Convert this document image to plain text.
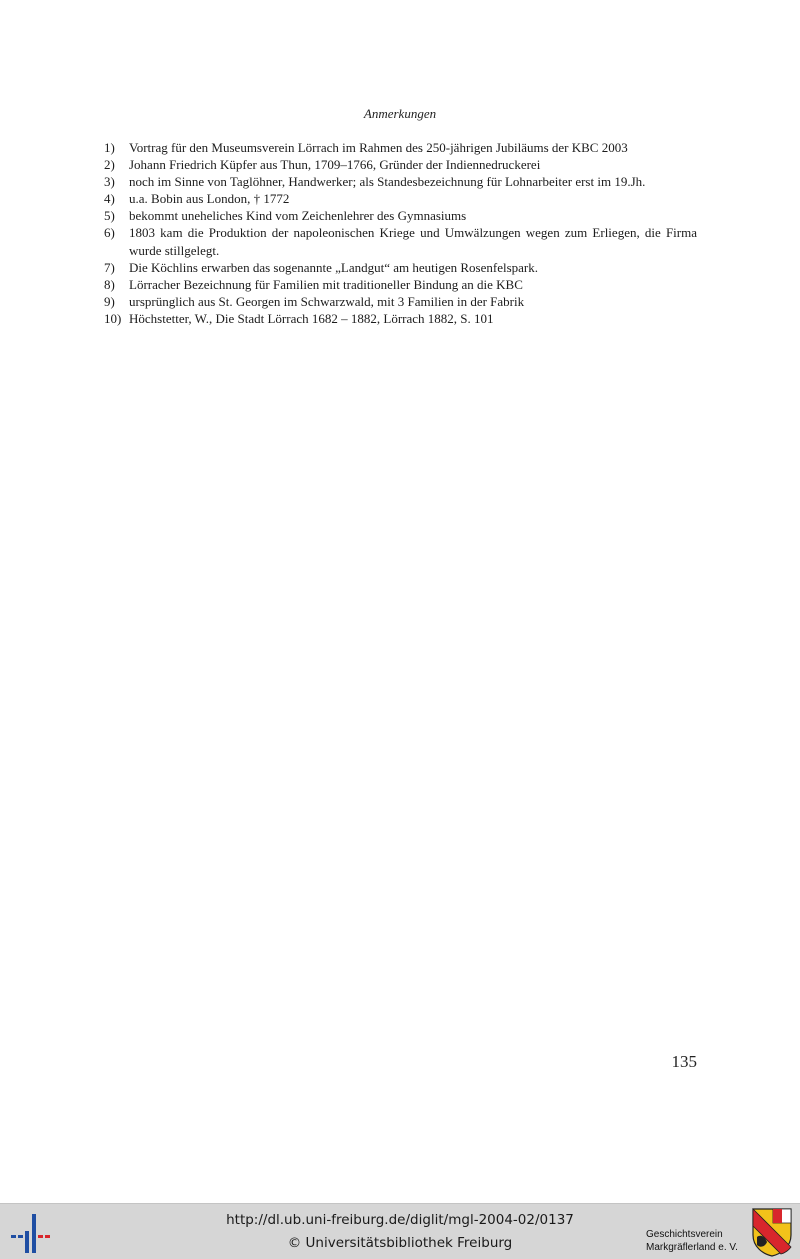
Anmerkungen
1)	Vortrag für den Museumsverein Lörrach im Rahmen des 250-jährigen Jubiläums der KBC 2003
2)	Johann Friedrich Küpfer aus Thun, 1709–1766, Gründer der Indiennedruckerei
3)	noch im Sinne von Taglöhner, Handwerker; als Standesbezeichnung für Lohnarbeiter erst im 19.Jh.
4)	u.a. Bobin aus London, † 1772
5)	bekommt uneheliches Kind vom Zeichenlehrer des Gymnasiums
6)	1803 kam die Produktion der napoleonischen Kriege und Umwälzungen wegen zum Erliegen, die Firma wurde stillgelegt.
7)	Die Köchlins erwarben das sogenannte „Landgut“ am heutigen Rosenfelspark.
8)	Lörracher Bezeichnung für Familien mit traditioneller Bindung an die KBC
9)	ursprünglich aus St. Georgen im Schwarzwald, mit 3 Familien in der Fabrik
10) Höchstetter, W., Die Stadt Lörrach 1682 – 1882, Lörrach 1882, S. 101
135
http://dl.ub.uni-freiburg.de/diglit/mgl-2004-02/0137
© Universitätsbibliothek Freiburg
Geschichtsverein
Markgräflerland e. V.
